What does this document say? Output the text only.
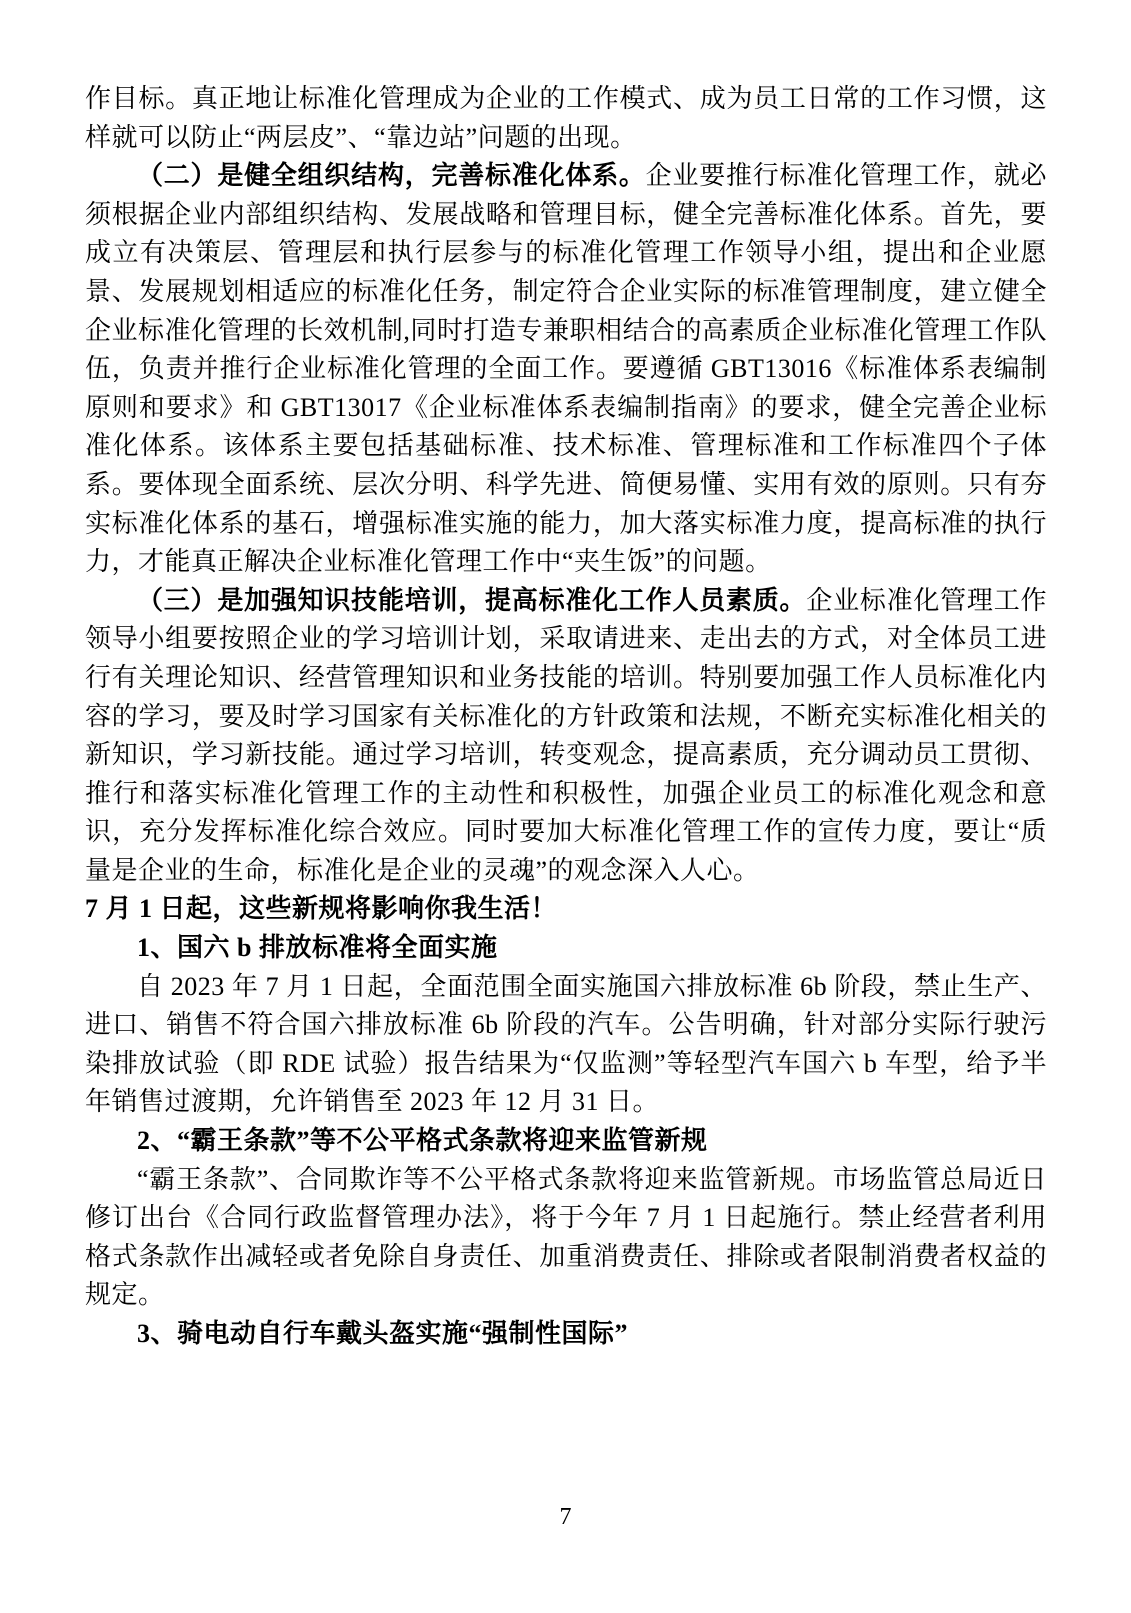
作目标。真正地让标准化管理成为企业的工作模式、成为员工日常的工作习惯，这样就可以防止“两层皮”、“靠边站”问题的出现。

（二）是健全组织结构，完善标准化体系。企业要推行标准化管理工作，就必须根据企业内部组织结构、发展战略和管理目标，健全完善标准化体系。首先，要成立有决策层、管理层和执行层参与的标准化管理工作领导小组，提出和企业愿景、发展规划相适应的标准化任务，制定符合企业实际的标准管理制度，建立健全企业标准化管理的长效机制,同时打造专兼职相结合的高素质企业标准化管理工作队伍，负责并推行企业标准化管理的全面工作。要遵循 GBT13016《标准体系表编制原则和要求》和 GBT13017《企业标准体系表编制指南》的要求，健全完善企业标准化体系。该体系主要包括基础标准、技术标准、管理标准和工作标准四个子体系。要体现全面系统、层次分明、科学先进、简便易懂、实用有效的原则。只有夯实标准化体系的基石，增强标准实施的能力，加大落实标准力度，提高标准的执行力，才能真正解决企业标准化管理工作中“夹生饭”的问题。

（三）是加强知识技能培训，提高标准化工作人员素质。企业标准化管理工作领导小组要按照企业的学习培训计划，采取请进来、走出去的方式，对全体员工进行有关理论知识、经营管理知识和业务技能的培训。特别要加强工作人员标准化内容的学习，要及时学习国家有关标准化的方针政策和法规，不断充实标准化相关的新知识，学习新技能。通过学习培训，转变观念，提高素质，充分调动员工贯彻、推行和落实标准化管理工作的主动性和积极性，加强企业员工的标准化观念和意识，充分发挥标准化综合效应。同时要加大标准化管理工作的宣传力度，要让“质量是企业的生命，标准化是企业的灵魂”的观念深入人心。

7 月 1 日起，这些新规将影响你我生活！

1、国六 b 排放标准将全面实施

自 2023 年 7 月 1 日起，全面范围全面实施国六排放标准 6b 阶段，禁止生产、进口、销售不符合国六排放标准 6b 阶段的汽车。公告明确，针对部分实际行驶污染排放试验（即 RDE 试验）报告结果为“仅监测”等轻型汽车国六 b 车型，给予半年销售过渡期，允许销售至 2023 年 12 月 31 日。

2、“霸王条款”等不公平格式条款将迎来监管新规

“霸王条款”、合同欺诈等不公平格式条款将迎来监管新规。市场监管总局近日修订出台《合同行政监督管理办法》，将于今年 7 月 1 日起施行。禁止经营者利用格式条款作出减轻或者免除自身责任、加重消费责任、排除或者限制消费者权益的规定。

3、骑电动自行车戴头盔实施“强制性国际”

7
